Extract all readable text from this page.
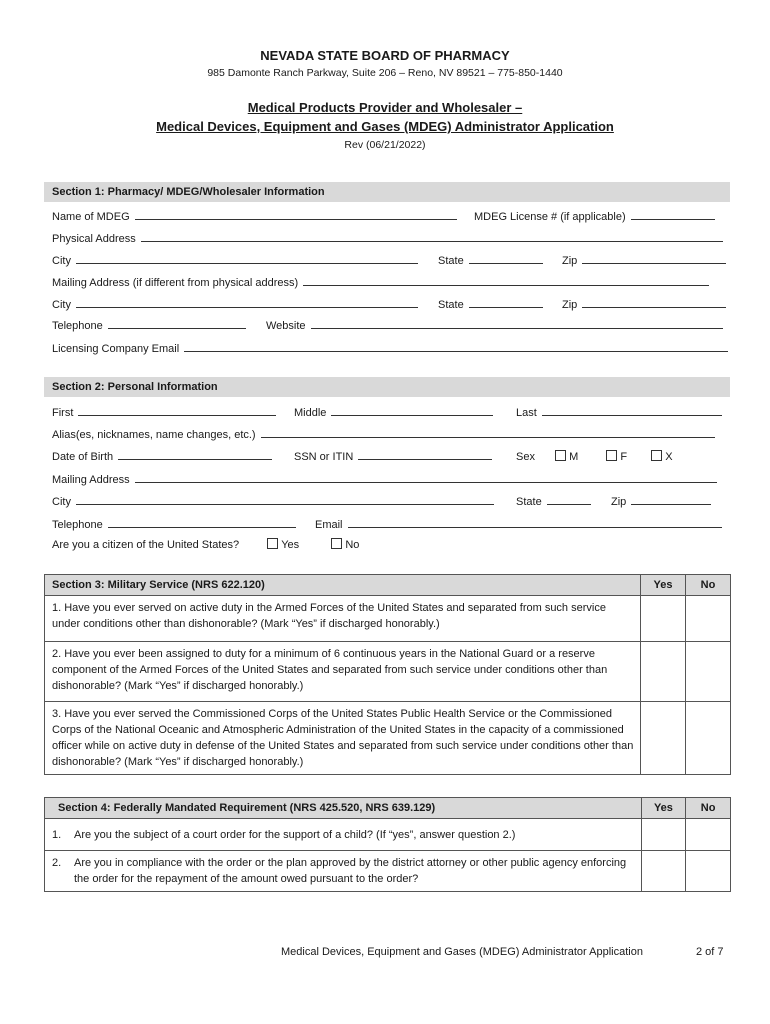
NEVADA STATE BOARD OF PHARMACY
985 Damonte Ranch Parkway, Suite 206 – Reno, NV 89521 – 775-850-1440
Medical Products Provider and Wholesaler –
Medical Devices, Equipment and Gases (MDEG) Administrator Application
Rev (06/21/2022)
Section 1: Pharmacy/ MDEG/Wholesaler Information
Name of MDEG	MDEG License # (if applicable)
Physical Address
City	State	Zip
Mailing Address (if different from physical address)
City	State	Zip
Telephone	Website
Licensing Company Email
Section 2: Personal Information
First	Middle	Last
Alias(es, nicknames, name changes, etc.)
Date of Birth	SSN or ITIN	Sex	M	F	X
Mailing Address
City	State	Zip
Telephone	Email
Are you a citizen of the United States?	Yes	No
Section 3: Military Service (NRS 622.120)	Yes	No
1. Have you ever served on active duty in the Armed Forces of the United States and separated from such service under conditions other than dishonorable? (Mark “Yes” if discharged honorably.)		
2. Have you ever been assigned to duty for a minimum of 6 continuous years in the National Guard or a reserve component of the Armed Forces of the United States and separated from such service under conditions other than dishonorable? (Mark “Yes” if discharged honorably.)		
3. Have you ever served the Commissioned Corps of the United States Public Health Service or the Commissioned Corps of the National Oceanic and Atmospheric Administration of the United States in the capacity of a commissioned officer while on active duty in defense of the United States and separated from such service under conditions other than dishonorable? (Mark “Yes” if discharged honorably.)		
Section 4: Federally Mandated Requirement (NRS 425.520, NRS 639.129)	Yes	No

1. Are you the subject of a court order for the support of a child? (If “yes”, answer question 2.)		

2. Are you in compliance with the order or the plan approved by the district attorney or other public agency enforcing the order for the repayment of the amount owed pursuant to the order?		

Medical Devices, Equipment and Gases (MDEG) Administrator Application	2 of 7
